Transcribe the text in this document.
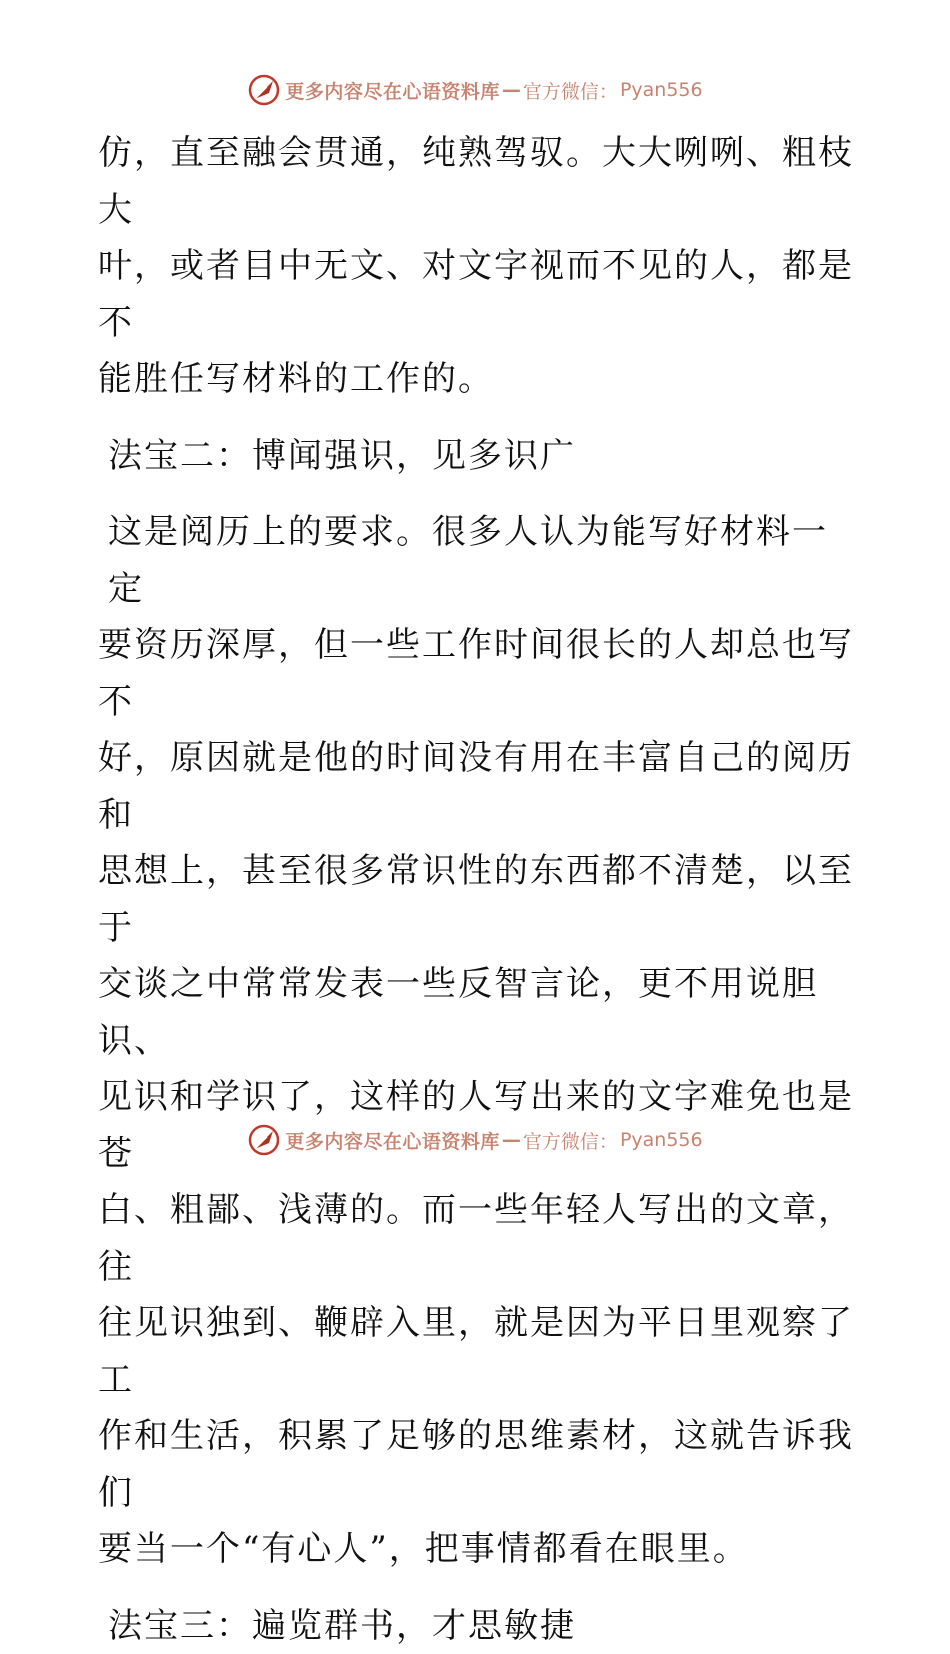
更多内容尽在心语资料库 — 官方微信： Pyan556

仿，直至融会贯通，纯熟驾驭。大大咧咧、粗枝大

叶，或者目中无文、对文字视而不见的人，都是不

能胜任写材料的工作的。

法宝二：博闻强识，见多识广

这是阅历上的要求。很多人认为能写好材料一定

要资历深厚，但一些工作时间很长的人却总也写不

好，原因就是他的时间没有用在丰富自己的阅历和

思想上，甚至很多常识性的东西都不清楚，以至于

交谈之中常常发表一些反智言论，更不用说胆识、

见识和学识了，这样的人写出来的文字难免也是苍

白、粗鄙、浅薄的。而一些年轻人写出的文章，往

往见识独到、鞭辟入里，就是因为平日里观察了工

作和生活，积累了足够的思维素材，这就告诉我们

要当一个“有心人”，把事情都看在眼里。

法宝三：遍览群书，才思敏捷

更多内容尽在心语资料库 — 官方微信： Pyan556
